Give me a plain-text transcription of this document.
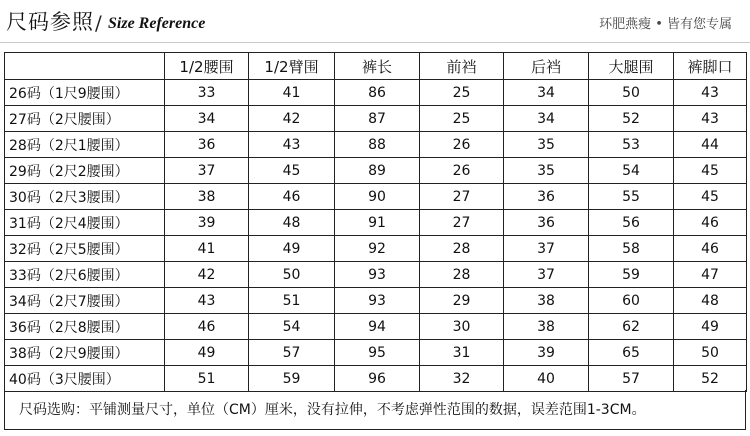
尺码参照 / Size Reference	环肥燕瘦 • 皆有您专属
	1/2腰围	1/2臂围	裤长	前裆	后裆	大腿围	裤脚口
26码（1尺9腰围）	33	41	86	25	34	50	43
27码（2尺腰围）	34	42	87	25	34	52	43
28码（2尺1腰围）	36	43	88	26	35	53	44
29码（2尺2腰围）	37	45	89	26	35	54	45
30码（2尺3腰围）	38	46	90	27	36	55	45
31码（2尺4腰围）	39	48	91	27	36	56	46
32码（2尺5腰围）	41	49	92	28	37	58	46
33码（2尺6腰围）	42	50	93	28	37	59	47
34码（2尺7腰围）	43	51	93	29	38	60	48
36码（2尺8腰围）	46	54	94	30	38	62	49
38码（2尺9腰围）	49	57	95	31	39	65	50
40码（3尺腰围）	51	59	96	32	40	57	52
尺码选购：平铺测量尺寸，单位（CM）厘米，没有拉伸，不考虑弹性范围的数据，误差范围1-3CM。
